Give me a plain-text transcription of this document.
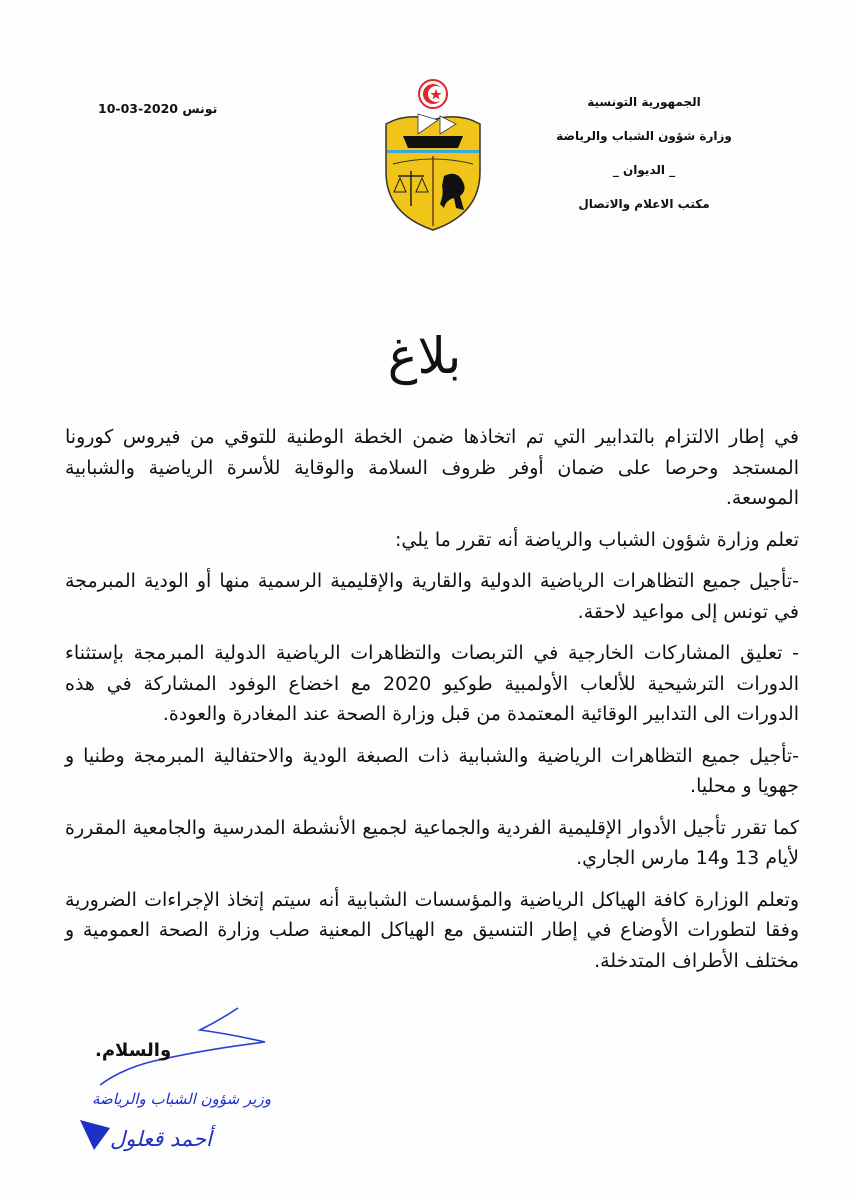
الجمهورية التونسية
وزارة شؤون الشباب والرياضة
_ الديوان _
مكتب الاعلام والاتصال
تونس 2020-03-10
بلاغ

في إطار الالتزام بالتدابير التي تم اتخاذها ضمن الخطة الوطنية للتوقي من فيروس كورونا المستجد وحرصا على ضمان أوفر ظروف السلامة والوقاية للأسرة الرياضية والشبابية الموسعة.

تعلم وزارة شؤون الشباب والرياضة أنه تقرر ما يلي:

-تأجيل جميع التظاهرات الرياضية الدولية والقارية والإقليمية الرسمية منها أو الودية المبرمجة في تونس إلى مواعيد لاحقة.

- تعليق المشاركات الخارجية في التربصات والتظاهرات الرياضية الدولية المبرمجة بإستثناء الدورات الترشيحية للألعاب الأولمبية طوكيو 2020 مع اخضاع الوفود المشاركة في هذه الدورات الى التدابير الوقائية المعتمدة من قبل وزارة الصحة عند المغادرة والعودة.

-تأجيل جميع التظاهرات الرياضية والشبابية ذات الصبغة الودية والاحتفالية المبرمجة وطنيا و جهويا و محليا.

كما تقرر تأجيل الأدوار الإقليمية الفردية والجماعية لجميع الأنشطة المدرسية والجامعية المقررة لأيام 13 و14 مارس الجاري.

وتعلم الوزارة كافة الهياكل الرياضية والمؤسسات الشبابية أنه سيتم إتخاذ الإجراءات الضرورية وفقا لتطورات الأوضاع في إطار التنسيق مع الهياكل المعنية صلب وزارة الصحة العمومية و مختلف الأطراف المتدخلة.

والسلام.
وزير شؤون الشباب والرياضة
أحمد قعلول
